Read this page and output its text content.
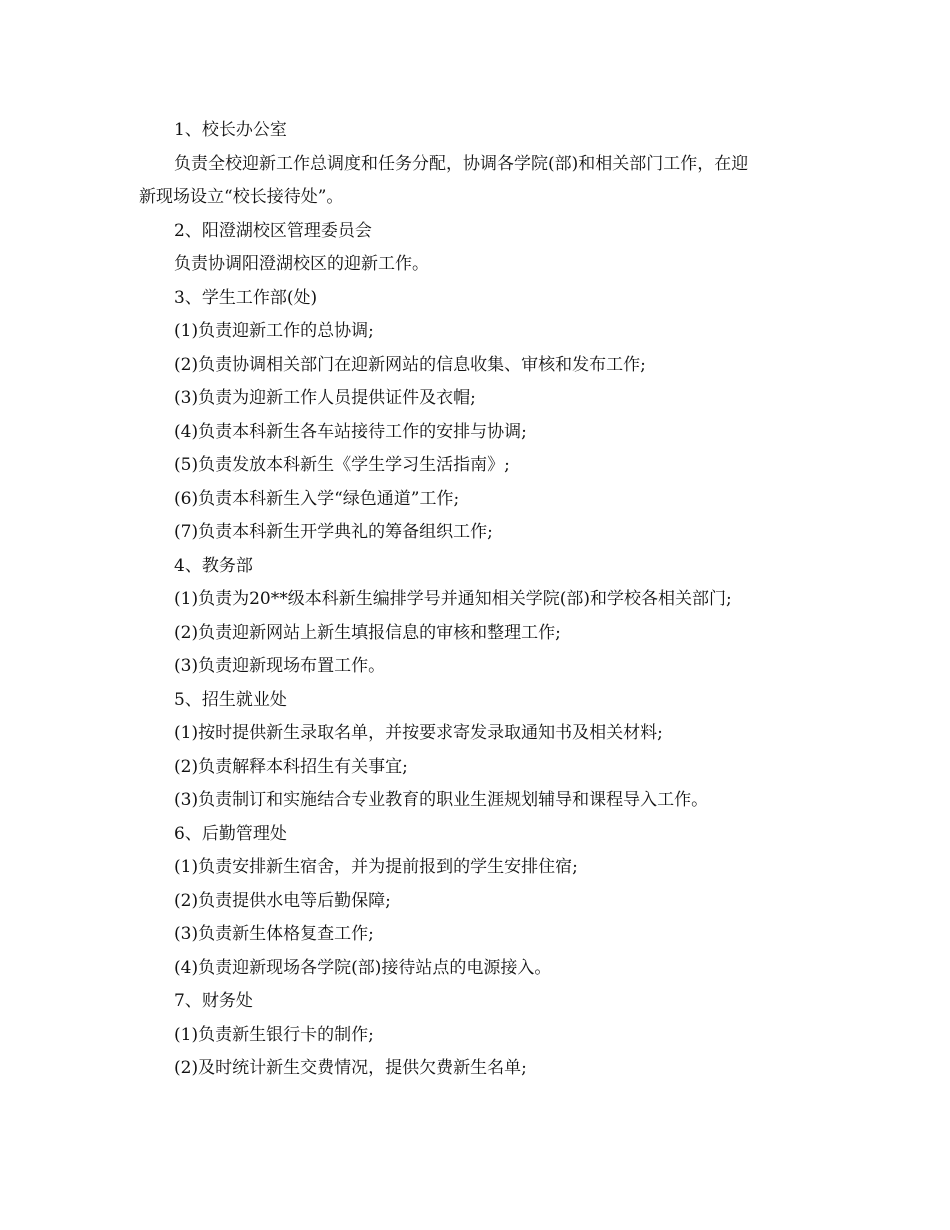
1、校长办公室

负责全校迎新工作总调度和任务分配，协调各学院(部)和相关部门工作，在迎

新现场设立“校长接待处”。

2、阳澄湖校区管理委员会

负责协调阳澄湖校区的迎新工作。

3、学生工作部(处)

(1)负责迎新工作的总协调;

(2)负责协调相关部门在迎新网站的信息收集、审核和发布工作;

(3)负责为迎新工作人员提供证件及衣帽;

(4)负责本科新生各车站接待工作的安排与协调;

(5)负责发放本科新生《学生学习生活指南》;

(6)负责本科新生入学“绿色通道”工作;

(7)负责本科新生开学典礼的筹备组织工作;

4、教务部

(1)负责为20**级本科新生编排学号并通知相关学院(部)和学校各相关部门;

(2)负责迎新网站上新生填报信息的审核和整理工作;

(3)负责迎新现场布置工作。

5、招生就业处

(1)按时提供新生录取名单，并按要求寄发录取通知书及相关材料;

(2)负责解释本科招生有关事宜;

(3)负责制订和实施结合专业教育的职业生涯规划辅导和课程导入工作。

6、后勤管理处

(1)负责安排新生宿舍，并为提前报到的学生安排住宿;

(2)负责提供水电等后勤保障;

(3)负责新生体格复查工作;

(4)负责迎新现场各学院(部)接待站点的电源接入。

7、财务处

(1)负责新生银行卡的制作;

(2)及时统计新生交费情况，提供欠费新生名单;
